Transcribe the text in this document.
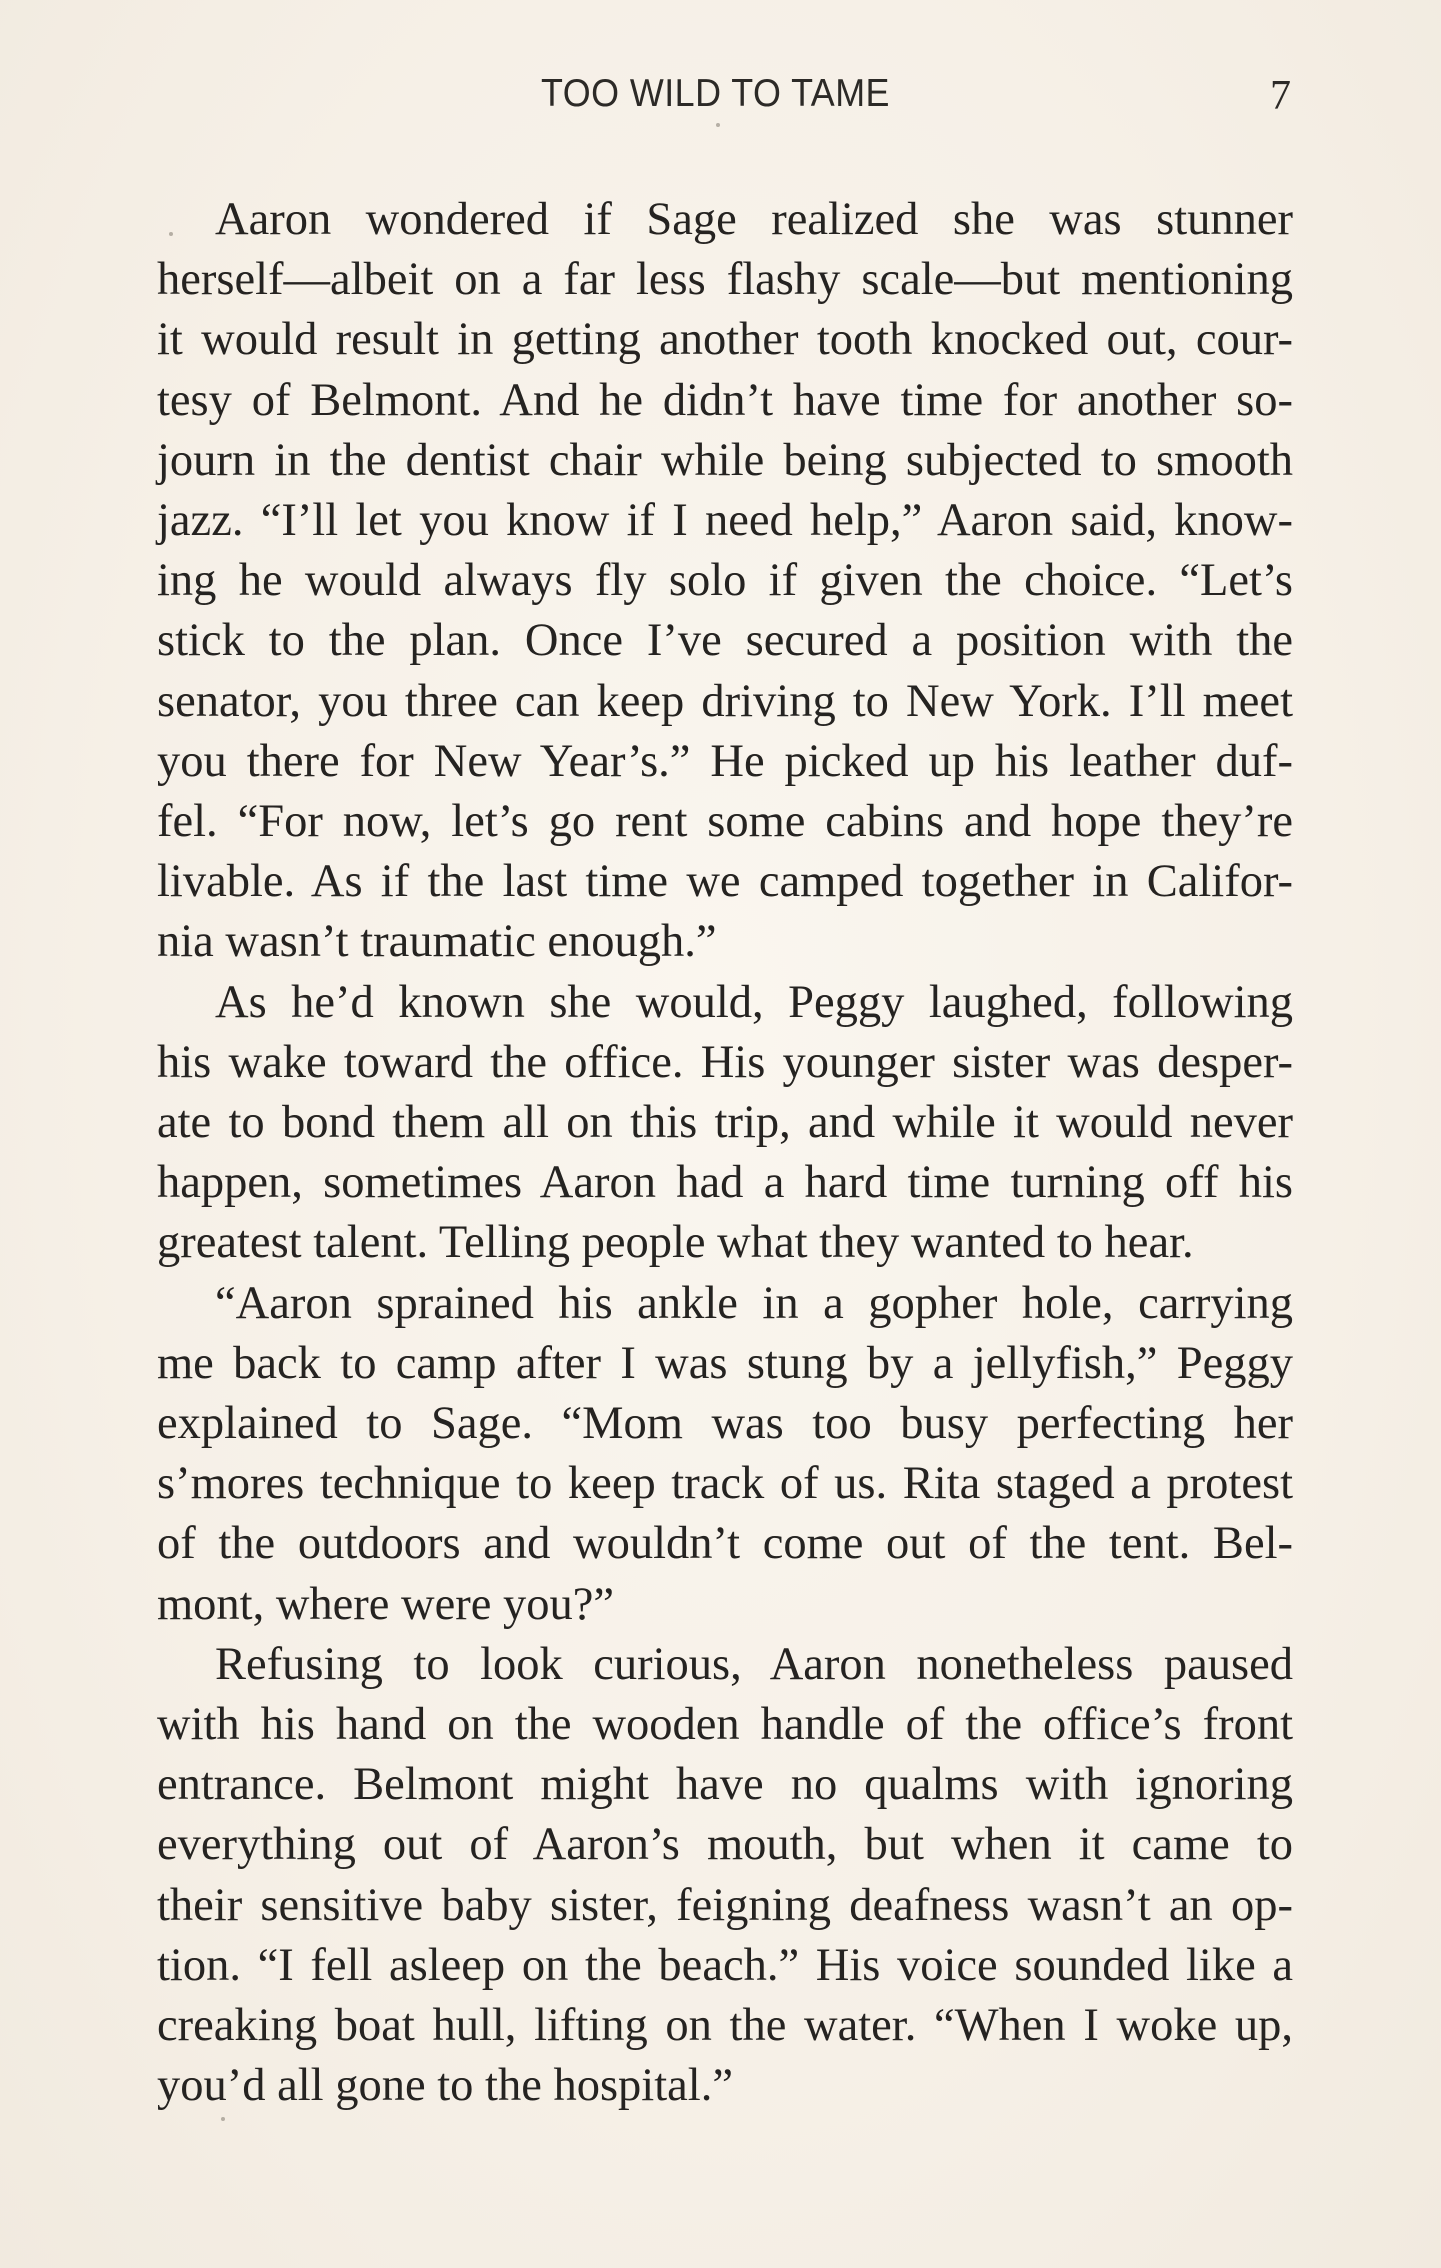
TOO WILD TO TAME	7
Aaron wondered if Sage realized she was stunner
herself—albeit on a far less flashy scale—but mentioning
it would result in getting another tooth knocked out, cour-
tesy of Belmont. And he didn’t have time for another so-
journ in the dentist chair while being subjected to smooth
jazz. “I’ll let you know if I need help,” Aaron said, know-
ing he would always fly solo if given the choice. “Let’s
stick to the plan. Once I’ve secured a position with the
senator, you three can keep driving to New York. I’ll meet
you there for New Year’s.” He picked up his leather duf-
fel. “For now, let’s go rent some cabins and hope they’re
livable. As if the last time we camped together in Califor-
nia wasn’t traumatic enough.”
As he’d known she would, Peggy laughed, following
his wake toward the office. His younger sister was desper-
ate to bond them all on this trip, and while it would never
happen, sometimes Aaron had a hard time turning off his
greatest talent. Telling people what they wanted to hear.
“Aaron sprained his ankle in a gopher hole, carrying
me back to camp after I was stung by a jellyfish,” Peggy
explained to Sage. “Mom was too busy perfecting her
s’mores technique to keep track of us. Rita staged a protest
of the outdoors and wouldn’t come out of the tent. Bel-
mont, where were you?”
Refusing to look curious, Aaron nonetheless paused
with his hand on the wooden handle of the office’s front
entrance. Belmont might have no qualms with ignoring
everything out of Aaron’s mouth, but when it came to
their sensitive baby sister, feigning deafness wasn’t an op-
tion. “I fell asleep on the beach.” His voice sounded like a
creaking boat hull, lifting on the water. “When I woke up,
you’d all gone to the hospital.”
